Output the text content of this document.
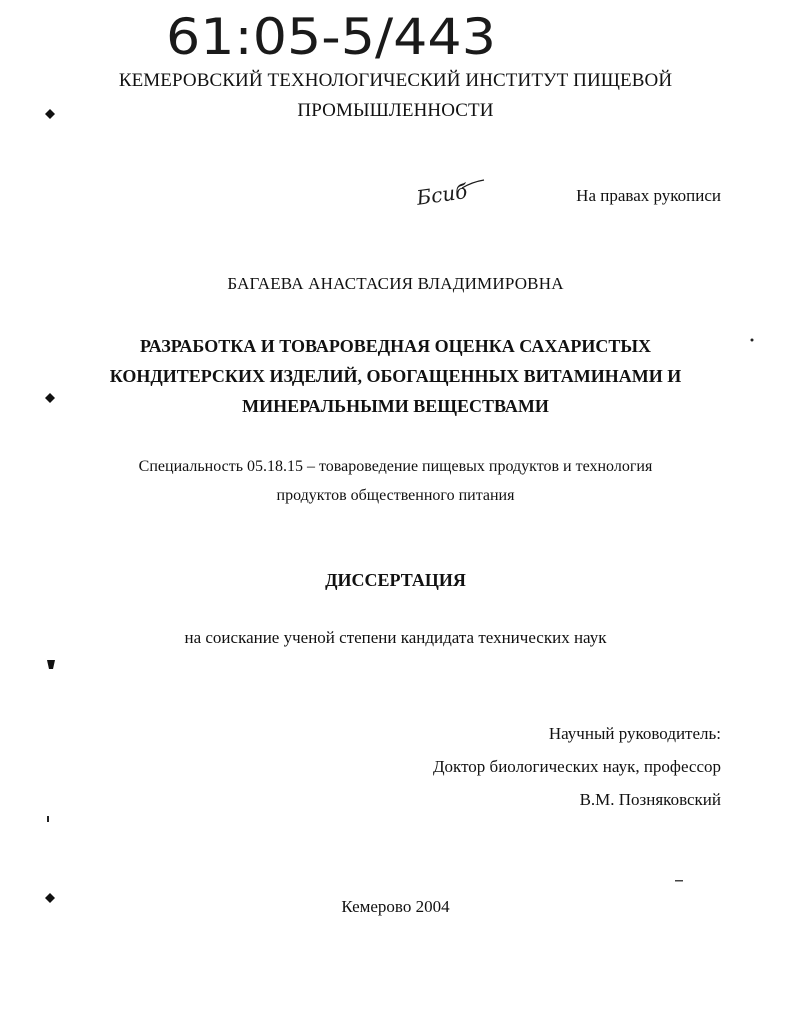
61:05-5/443
КЕМЕРОВСКИЙ ТЕХНОЛОГИЧЕСКИЙ ИНСТИТУТ ПИЩЕВОЙ
ПРОМЫШЛЕННОСТИ
Бсиб	На правах рукописи
БАГАЕВА АНАСТАСИЯ ВЛАДИМИРОВНА
РАЗРАБОТКА И ТОВАРОВЕДНАЯ ОЦЕНКА САХАРИСТЫХ
КОНДИТЕРСКИХ ИЗДЕЛИЙ, ОБОГАЩЕННЫХ ВИТАМИНАМИ И
МИНЕРАЛЬНЫМИ ВЕЩЕСТВАМИ
Специальность 05.18.15 – товароведение пищевых продуктов и технология
продуктов общественного питания
ДИССЕРТАЦИЯ
на соискание ученой степени кандидата технических наук
Научный руководитель:
Доктор биологических наук, профессор
В.М. Позняковский
Кемерово 2004
